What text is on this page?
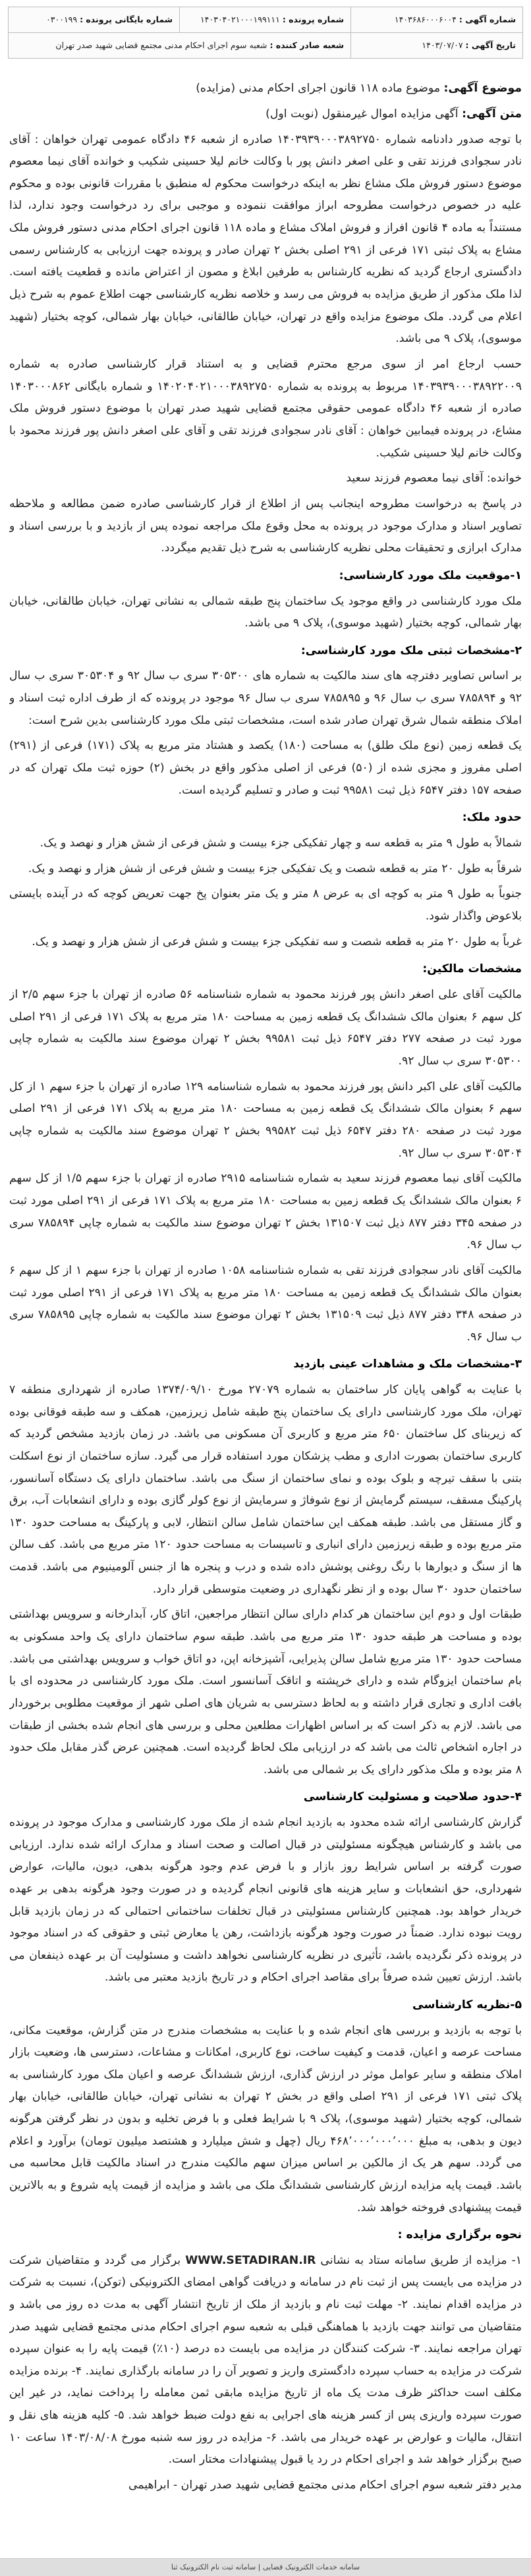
شماره آگهی : ۱۴۰۳۶۸۶۰۰۰۶۰۰۴
شماره پرونده : ۱۴۰۳۰۴۰۲۱۰۰۰۱۹۹۱۱۱
شماره بایگانی پرونده : ۰۳۰۰۱۹۹
تاریخ آگهی : ۱۴۰۳/۰۷/۰۷
شعبه صادر کننده : شعبه سوم اجرای احکام مدنی مجتمع قضایی شهید صدر تهران

موضوع آگهی: موضوع ماده ۱۱۸ قانون اجرای احکام مدنی (مزایده)

متن آگهی: آگهی مزایده اموال غیرمنقول (نوبت اول)

با توجه صدور دادنامه شماره ۱۴۰۳۹۳۹۰۰۰۳۸۹۲۷۵۰ صادره از شعبه ۴۶ دادگاه عمومی تهران خواهان : آقای نادر سجوادی فرزند تقی و علی اصغر دانش پور با وکالت خانم لیلا حسینی شکیب و خوانده آقای نیما معصوم موضوع دستور فروش ملک مشاع نظر به اینکه درخواست محکوم له منطبق با مقررات قانونی بوده و محکوم علیه در خصوص درخواست مطروحه ابراز موافقت ننموده و موجبی برای رد درخواست وجود ندارد، لذا مستنداً به ماده ۴ قانون افراز و فروش املاک مشاع و ماده ۱۱۸ قانون اجرای احکام مدنی دستور فروش ملک مشاع به پلاک ثبتی ۱۷۱ فرعی از ۲۹۱ اصلی بخش ۲ تهران صادر و پرونده جهت ارزیابی به کارشناس رسمی دادگستری ارجاع گردید که نظریه کارشناس به طرفین ابلاغ و مصون از اعتراض مانده و قطعیت یافته است. لذا ملک مذکور از طریق مزایده به فروش می رسد و خلاصه نظریه کارشناسی جهت اطلاع عموم به شرح ذیل اعلام می گردد. ملک موضوع مزایده واقع در تهران، خیابان طالقانی، خیابان بهار شمالی، کوچه بختیار (شهید موسوی)، پلاک ۹ می باشد.

حسب ارجاع امر از سوی مرجع محترم قضایی و به استناد قرار کارشناسی صادره به شماره ۱۴۰۳۹۳۹۰۰۰۳۸۹۲۲۰۰۹ مربوط به پرونده به شماره ۱۴۰۲۰۴۰۲۱۰۰۰۳۸۹۲۷۵۰ و شماره بایگانی ۱۴۰۳۰۰۰۸۶۲ صادره از شعبه ۴۶ دادگاه عمومی حقوقی مجتمع قضایی شهید صدر تهران با موضوع دستور فروش ملک مشاع، در پرونده فیمابین خواهان : آقای نادر سجوادی فرزند تقی و آقای علی اصغر دانش پور فرزند محمود با وکالت خانم لیلا حسینی شکیب.

خوانده: آقای نیما معصوم فرزند سعید

در پاسخ به درخواست مطروحه اینجانب پس از اطلاع از قرار کارشناسی صادره ضمن مطالعه و ملاحظه تصاویر اسناد و مدارک موجود در پرونده به محل وقوع ملک مراجعه نموده پس از بازدید و با بررسی اسناد و مدارک ابرازی و تحقیقات محلی نظریه کارشناسی به شرح ذیل تقدیم میگردد.

۱-موقعیت ملک مورد کارشناسی:

ملک مورد کارشناسی در واقع موجود یک ساختمان پنج طبقه شمالی به نشانی تهران، خیابان طالقانی، خیابان بهار شمالی، کوچه بختیار (شهید موسوی)، پلاک ۹ می باشد.

۲-مشخصات ثبتی ملک مورد کارشناسی:

بر اساس تصاویر دفترچه های سند مالکیت به شماره های ۳۰۵۳۰۰ سری ب سال ۹۲ و ۳۰۵۳۰۴ سری ب سال ۹۲ و ۷۸۵۸۹۴ سری ب سال ۹۶ و ۷۸۵۸۹۵ سری ب سال ۹۶ موجود در پرونده که از طرف اداره ثبت اسناد و املاک منطقه شمال شرق تهران صادر شده است، مشخصات ثبتی ملک مورد کارشناسی بدین شرح است:

یک قطعه زمین (نوع ملک طلق) به مساحت (۱۸۰) یکصد و هشتاد متر مربع به پلاک (۱۷۱) فرعی از (۲۹۱) اصلی مفروز و مجزی شده از (۵۰) فرعی از اصلی مذکور واقع در بخش (۲) حوزه ثبت ملک تهران که در صفحه ۱۵۷ دفتر ۶۵۴۷ ذیل ثبت ۹۹۵۸۱ ثبت و صادر و تسلیم گردیده است.

حدود ملک:

شمالاً به طول ۹ متر به قطعه سه و چهار تفکیکی جزء بیست و شش فرعی از شش هزار و نهصد و یک.

شرقاً به طول ۲۰ متر به قطعه شصت و یک تفکیکی جزء بیست و شش فرعی از شش هزار و نهصد و یک.

جنوباً به طول ۹ متر به کوچه ای به عرض ۸ متر و یک متر بعنوان پخ جهت تعریض کوچه که در آینده بایستی بلاعوض واگذار شود.

غرباً به طول ۲۰ متر به قطعه شصت و سه تفکیکی جزء بیست و شش فرعی از شش هزار و نهصد و یک.

مشخصات مالکین:

مالکیت آقای علی اصغر دانش پور فرزند محمود به شماره شناسنامه ۵۶ صادره از تهران با جزء سهم ۲/۵ از کل سهم ۶ بعنوان مالک ششدانگ یک قطعه زمین به مساحت ۱۸۰ متر مربع به پلاک ۱۷۱ فرعی از ۲۹۱ اصلی مورد ثبت در صفحه ۲۷۷ دفتر ۶۵۴۷ ذیل ثبت ۹۹۵۸۱ بخش ۲ تهران موضوع سند مالکیت به شماره چاپی ۳۰۵۳۰۰ سری ب سال ۹۲.

مالکیت آقای علی اکبر دانش پور فرزند محمود به شماره شناسنامه ۱۲۹ صادره از تهران با جزء سهم ۱ از کل سهم ۶ بعنوان مالک ششدانگ یک قطعه زمین به مساحت ۱۸۰ متر مربع به پلاک ۱۷۱ فرعی از ۲۹۱ اصلی مورد ثبت در صفحه ۲۸۰ دفتر ۶۵۴۷ ذیل ثبت ۹۹۵۸۲ بخش ۲ تهران موضوع سند مالکیت به شماره چاپی ۳۰۵۳۰۴ سری ب سال ۹۲.

مالکیت آقای نیما معصوم فرزند سعید به شماره شناسنامه ۲۹۱۵ صادره از تهران با جزء سهم ۱/۵ از کل سهم ۶ بعنوان مالک ششدانگ یک قطعه زمین به مساحت ۱۸۰ متر مربع به پلاک ۱۷۱ فرعی از ۲۹۱ اصلی مورد ثبت در صفحه ۳۴۵ دفتر ۸۷۷ ذیل ثبت ۱۳۱۵۰۷ بخش ۲ تهران موضوع سند مالکیت به شماره چاپی ۷۸۵۸۹۴ سری ب سال ۹۶.

مالکیت آقای نادر سجوادی فرزند تقی به شماره شناسنامه ۱۰۵۸ صادره از تهران با جزء سهم ۱ از کل سهم ۶ بعنوان مالک ششدانگ یک قطعه زمین به مساحت ۱۸۰ متر مربع به پلاک ۱۷۱ فرعی از ۲۹۱ اصلی مورد ثبت در صفحه ۳۴۸ دفتر ۸۷۷ ذیل ثبت ۱۳۱۵۰۹ بخش ۲ تهران موضوع سند مالکیت به شماره چاپی ۷۸۵۸۹۵ سری ب سال ۹۶.

۳-مشخصات ملک و مشاهدات عینی بازدید

با عنایت به گواهی پایان کار ساختمان به شماره ۲۷۰۷۹ مورخ ۱۳۷۴/۰۹/۱۰ صادره از شهرداری منطقه ۷ تهران، ملک مورد کارشناسی دارای یک ساختمان پنج طبقه شامل زیرزمین، همکف و سه طبقه فوقانی بوده که زیربنای کل ساختمان ۶۵۰ متر مربع و کاربری آن مسکونی می باشد. در زمان بازدید مشخص گردید که کاربری ساختمان بصورت اداری و مطب پزشکان مورد استفاده قرار می گیرد. سازه ساختمان از نوع اسکلت بتنی با سقف تیرچه و بلوک بوده و نمای ساختمان از سنگ می باشد. ساختمان دارای یک دستگاه آسانسور، پارکینگ مسقف، سیستم گرمایش از نوع شوفاژ و سرمایش از نوع کولر گازی بوده و دارای انشعابات آب، برق و گاز مستقل می باشد. طبقه همکف این ساختمان شامل سالن انتظار، لابی و پارکینگ به مساحت حدود ۱۳۰ متر مربع بوده و طبقه زیرزمین دارای انباری و تاسیسات به مساحت حدود ۱۲۰ متر مربع می باشد. کف سالن ها از سنگ و دیوارها با رنگ روغنی پوشش داده شده و درب و پنجره ها از جنس آلومینیوم می باشد. قدمت ساختمان حدود ۳۰ سال بوده و از نظر نگهداری در وضعیت متوسطی قرار دارد.

طبقات اول و دوم این ساختمان هر کدام دارای سالن انتظار مراجعین، اتاق کار، آبدارخانه و سرویس بهداشتی بوده و مساحت هر طبقه حدود ۱۳۰ متر مربع می باشد. طبقه سوم ساختمان دارای یک واحد مسکونی به مساحت حدود ۱۳۰ متر مربع شامل سالن پذیرایی، آشپزخانه اپن، دو اتاق خواب و سرویس بهداشتی می باشد. بام ساختمان ایزوگام شده و دارای خرپشته و اتاقک آسانسور است. ملک مورد کارشناسی در محدوده ای با بافت اداری و تجاری قرار داشته و به لحاظ دسترسی به شریان های اصلی شهر از موقعیت مطلوبی برخوردار می باشد. لازم به ذکر است که بر اساس اظهارات مطلعین محلی و بررسی های انجام شده بخشی از طبقات در اجاره اشخاص ثالث می باشد که در ارزیابی ملک لحاظ گردیده است. همچنین عرض گذر مقابل ملک حدود ۸ متر بوده و ملک مذکور دارای یک بر شمالی می باشد.

۴-حدود صلاحیت و مسئولیت کارشناسی

گزارش کارشناسی ارائه شده محدود به بازدید انجام شده از ملک مورد کارشناسی و مدارک موجود در پرونده می باشد و کارشناس هیچگونه مسئولیتی در قبال اصالت و صحت اسناد و مدارک ارائه شده ندارد. ارزیابی صورت گرفته بر اساس شرایط روز بازار و با فرض عدم وجود هرگونه بدهی، دیون، مالیات، عوارض شهرداری، حق انشعابات و سایر هزینه های قانونی انجام گردیده و در صورت وجود هرگونه بدهی بر عهده خریدار خواهد بود. همچنین کارشناس مسئولیتی در قبال تخلفات ساختمانی احتمالی که در زمان بازدید قابل رویت نبوده ندارد. ضمناً در صورت وجود هرگونه بازداشت، رهن یا معارض ثبتی و حقوقی که در اسناد موجود در پرونده ذکر نگردیده باشد، تأثیری در نظریه کارشناسی نخواهد داشت و مسئولیت آن بر عهده ذینفعان می باشد. ارزش تعیین شده صرفاً برای مقاصد اجرای احکام و در تاریخ بازدید معتبر می باشد.

۵-نظریه کارشناسی

با توجه به بازدید و بررسی های انجام شده و با عنایت به مشخصات مندرج در متن گزارش، موقعیت مکانی، مساحت عرصه و اعیان، قدمت و کیفیت ساخت، نوع کاربری، امکانات و مشاعات، دسترسی ها، وضعیت بازار املاک منطقه و سایر عوامل موثر در ارزش گذاری، ارزش ششدانگ عرصه و اعیان ملک مورد کارشناسی به پلاک ثبتی ۱۷۱ فرعی از ۲۹۱ اصلی واقع در بخش ۲ تهران به نشانی تهران، خیابان طالقانی، خیابان بهار شمالی، کوچه بختیار (شهید موسوی)، پلاک ۹ با شرایط فعلی و با فرض تخلیه و بدون در نظر گرفتن هرگونه دیون و بدهی، به مبلغ ۴۶۸٬۰۰۰٬۰۰۰٬۰۰۰ ریال (چهل و شش میلیارد و هشتصد میلیون تومان) برآورد و اعلام می گردد. سهم هر یک از مالکین بر اساس میزان سهم مالکیت مندرج در اسناد مالکیت قابل محاسبه می باشد. قیمت پایه مزایده ارزش کارشناسی ششدانگ ملک می باشد و مزایده از قیمت پایه شروع و به بالاترین قیمت پیشنهادی فروخته خواهد شد.

نحوه برگزاری مزایده :

۱- مزایده از طریق سامانه ستاد به نشانی WWW.SETADIRAN.IR برگزار می گردد و متقاضیان شرکت در مزایده می بایست پس از ثبت نام در سامانه و دریافت گواهی امضای الکترونیکی (توکن)، نسبت به شرکت در مزایده اقدام نمایند. ۲- مهلت ثبت نام و بازدید از ملک از تاریخ انتشار آگهی به مدت ده روز می باشد و متقاضیان می توانند جهت بازدید با هماهنگی قبلی به شعبه سوم اجرای احکام مدنی مجتمع قضایی شهید صدر تهران مراجعه نمایند. ۳- شرکت کنندگان در مزایده می بایست ده درصد (۱۰٪) قیمت پایه را به عنوان سپرده شرکت در مزایده به حساب سپرده دادگستری واریز و تصویر آن را در سامانه بارگذاری نمایند. ۴- برنده مزایده مکلف است حداکثر ظرف مدت یک ماه از تاریخ مزایده مابقی ثمن معامله را پرداخت نماید، در غیر این صورت سپرده واریزی پس از کسر هزینه های اجرایی به نفع دولت ضبط خواهد شد. ۵- کلیه هزینه های نقل و انتقال، مالیات و عوارض بر عهده خریدار می باشد. ۶- مزایده در روز سه شنبه مورخ ۱۴۰۳/۰۸/۰۸ ساعت ۱۰ صبح برگزار خواهد شد و اجرای احکام در رد یا قبول پیشنهادات مختار است.

مدیر دفتر شعبه سوم اجرای احکام مدنی مجتمع قضایی شهید صدر تهران - ابراهیمی

سامانه خدمات الکترونیک قضایی | سامانه ثبت نام الکترونیک ثنا
